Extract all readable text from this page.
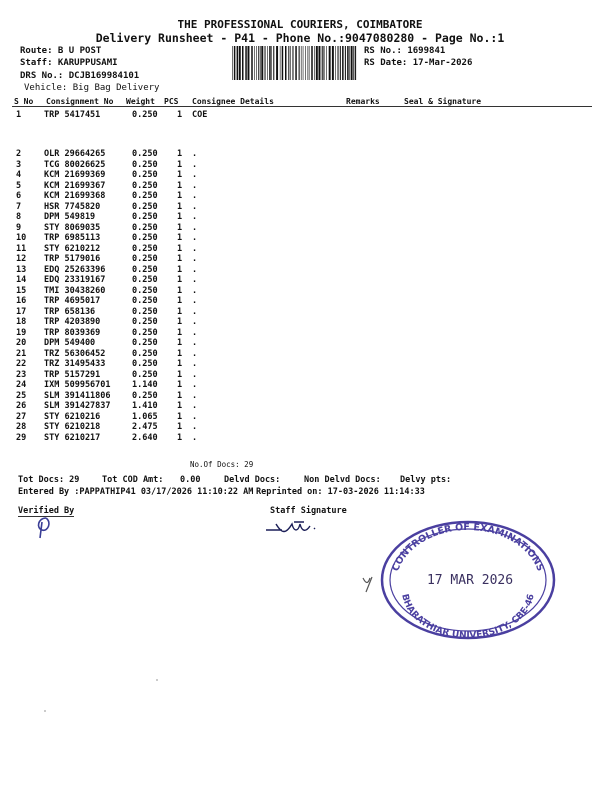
THE PROFESSIONAL COURIERS, COIMBATORE
Delivery Runsheet - P41 - Phone No.:9047080280 - Page No.:1
Route: B U POST
Staff: KARUPPUSAMI
DRS No.: DCJB169984101
Vehicle: Big Bag Delivery
RS No.: 1699841
RS Date: 17-Mar-2026
S No Consignment No Weight PCS Consignee Details	Remarks	Seal & Signature
1	TRP 5417451	0.250 1 COE
2	OLR 29664265	0.250 1 .
3	TCG 80026625	0.250 1 .
4	KCM 21699369	0.250 1 .
5	KCM 21699367	0.250 1 .
6	KCM 21699368	0.250 1 .
7	HSR 7745820	0.250 1 .
8	DPM 549819	0.250 1 .
9	STY 8069035	0.250 1 .
10 TRP 6985113	0.250 1 .
11 STY 6210212	0.250 1 .
12 TRP 5179016	0.250 1 .
13 EDQ 25263396	0.250 1 .
14 EDQ 23319167	0.250 1 .
15 TMI 30438260	0.250 1 .
16 TRP 4695017	0.250 1 .
17 TRP 658136	0.250 1 .
18 TRP 4203890	0.250 1 .
19 TRP 8039369	0.250 1 .
20 DPM 549400	0.250 1 .
21 TRZ 56306452	0.250 1 .
22 TRZ 31495433	0.250 1 .
23 TRP 5157291	0.250 1 .
24 IXM 509956701	1.140 1 .
25 SLM 391411806	0.250 1 .
26 SLM 391427837	1.410 1 .
27 STY 6210216	1.065 1 .
28 STY 6210218	2.475 1 .
29 STY 6210217	2.640 1 .
No.Of Docs: 29
Tot Docs: 29	Tot COD Amt: 0.00	Delvd Docs:	Non Delvd Docs: Delvy pts:
Entered By :PAPPATHIP41 03/17/2026 11:10:22 AM Reprinted on: 17-03-2026 11:14:33
Verified By	Staff Signature
CONTROLLER OF EXAMINATIONS
BHARATHIAR UNIVERSITY, CBE-46
17 MAR 2026
